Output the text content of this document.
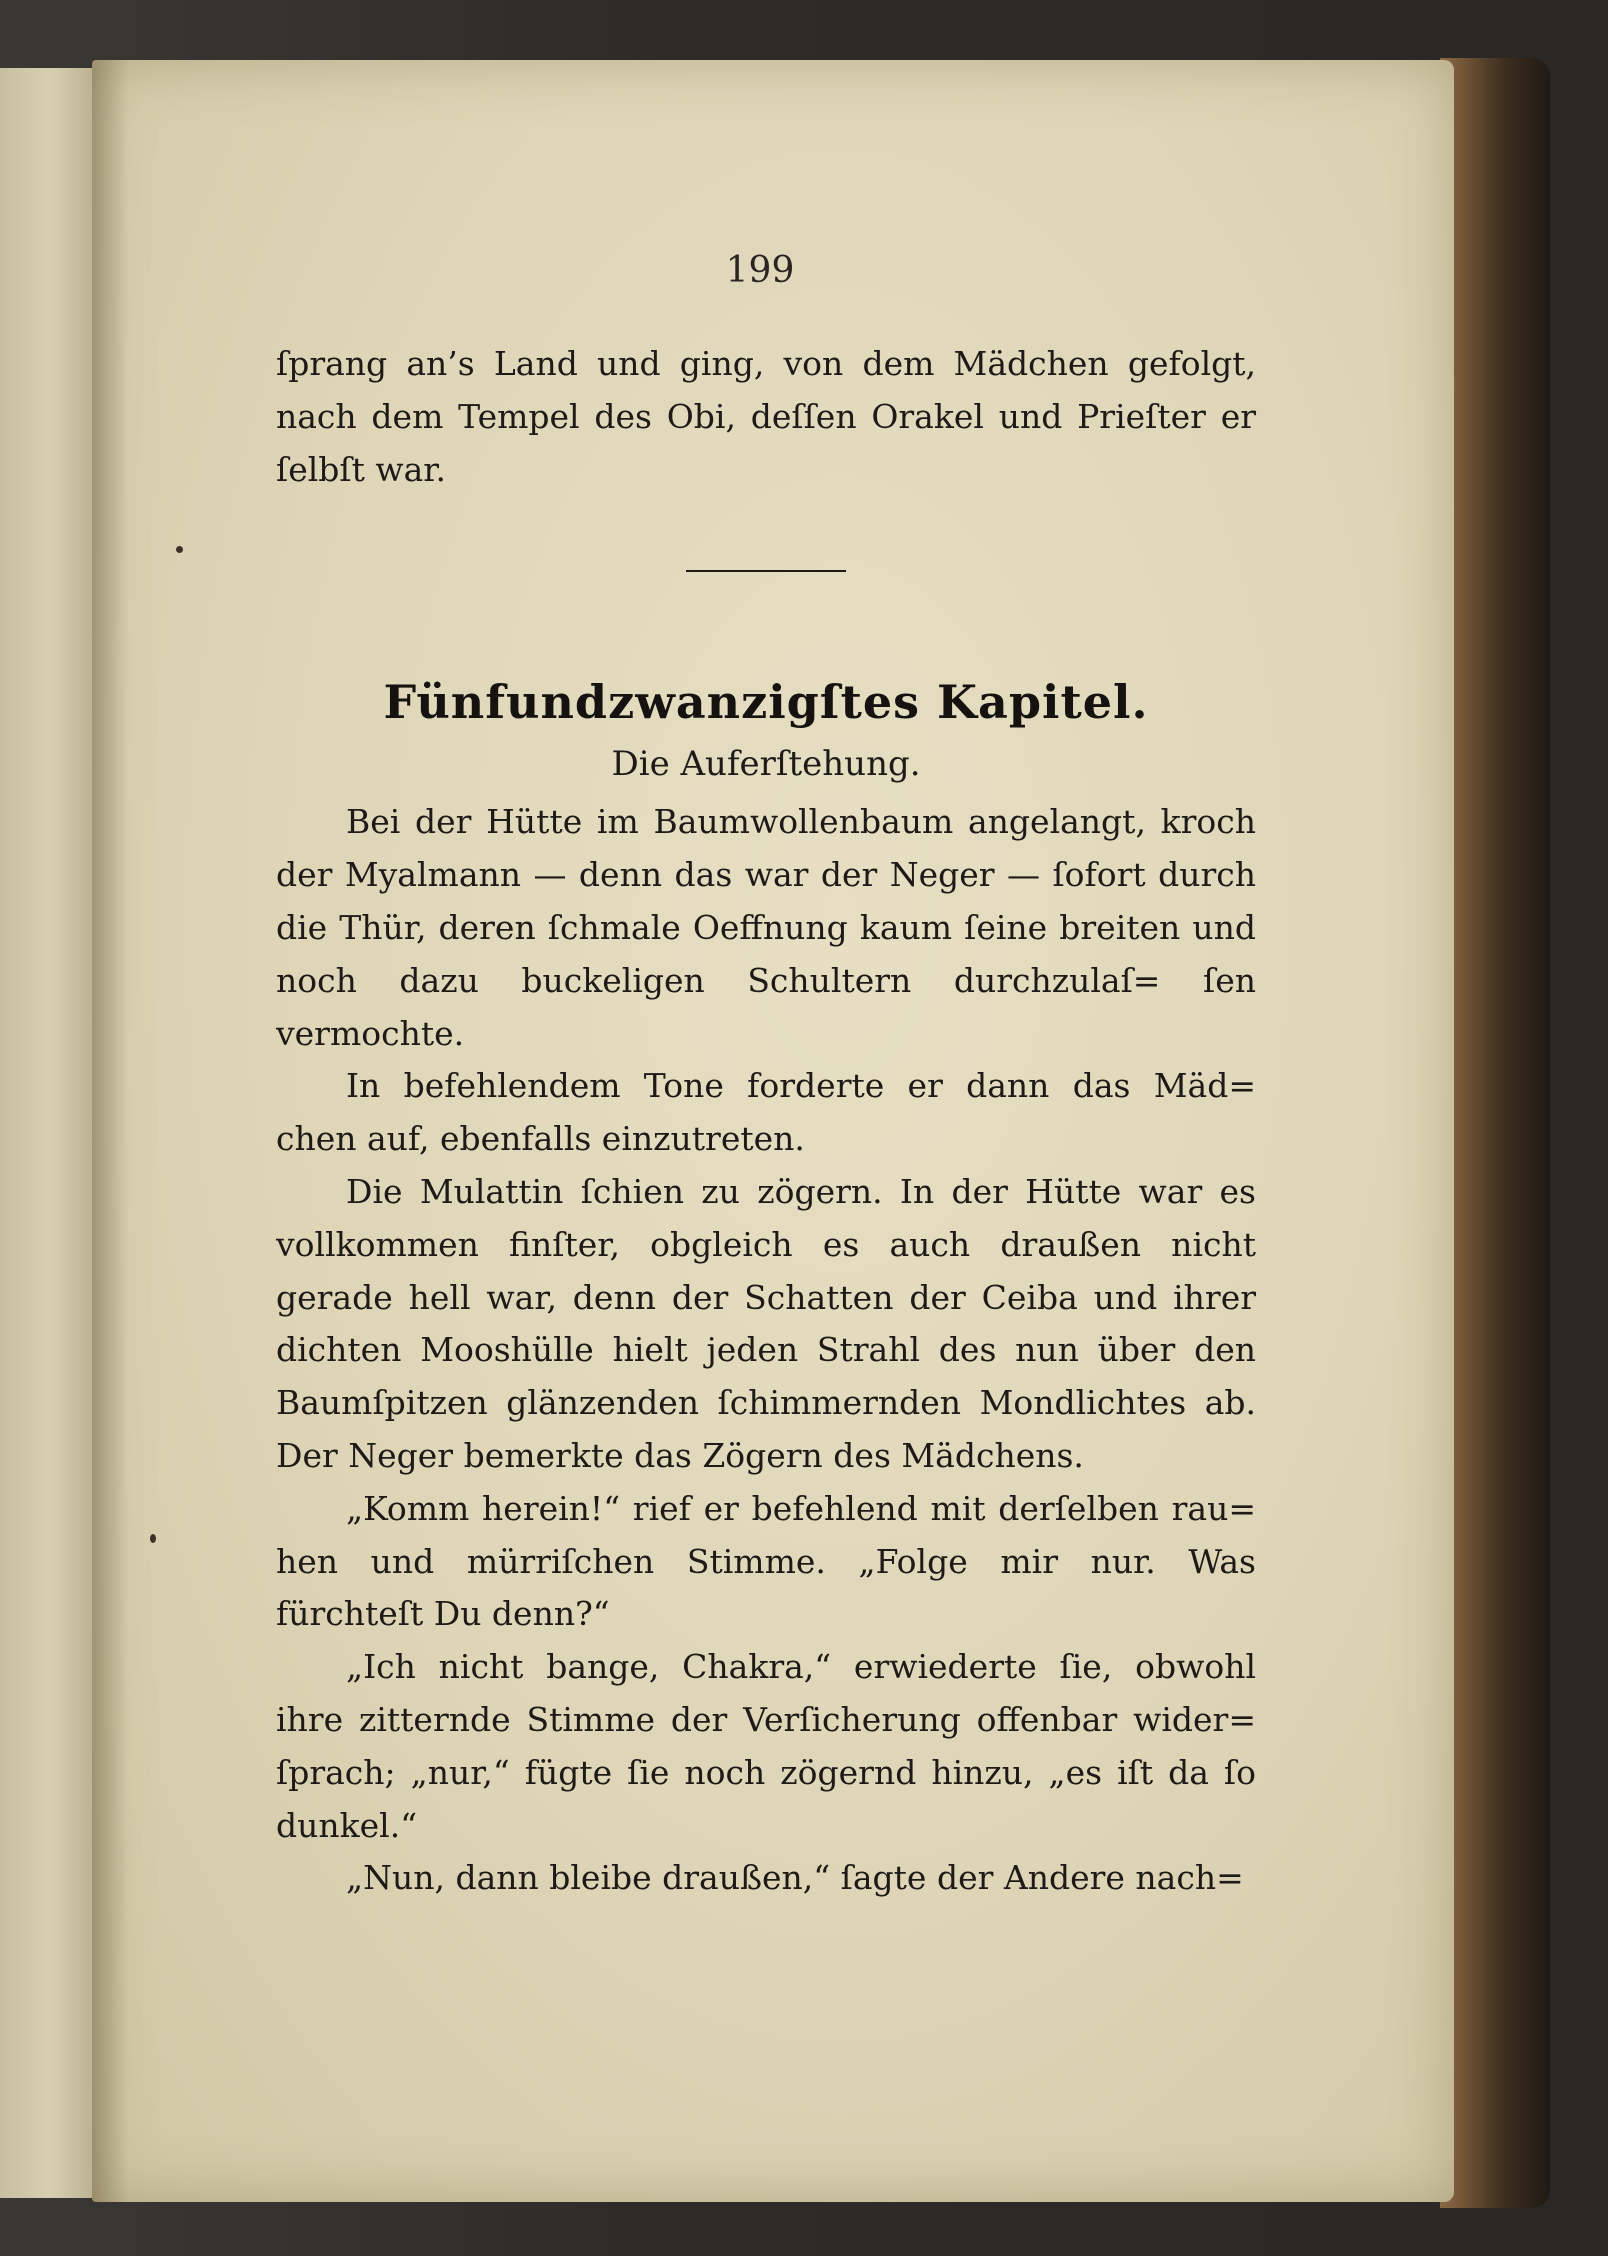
199

ſprang an’s Land und ging, von dem Mädchen gefolgt, nach dem Tempel des Obi, deſſen Orakel und Prieſter er ſelbſt war.

Fünfundzwanzigſtes Kapitel.
Die Auferſtehung.

Bei der Hütte im Baumwollenbaum angelangt, kroch der Myalmann — denn das war der Neger — ſofort durch die Thür, deren ſchmale Oeffnung kaum ſeine breiten und noch dazu buckeligen Schultern durchzulaſ= ſen vermochte.

In befehlendem Tone forderte er dann das Mäd= chen auf, ebenfalls einzutreten.

Die Mulattin ſchien zu zögern. In der Hütte war es vollkommen finſter, obgleich es auch draußen nicht gerade hell war, denn der Schatten der Ceiba und ihrer dichten Mooshülle hielt jeden Strahl des nun über den Baumſpitzen glänzenden ſchimmernden Mondlichtes ab. Der Neger bemerkte das Zögern des Mädchens.

„Komm herein!“ rief er befehlend mit derſelben rau= hen und mürriſchen Stimme. „Folge mir nur. Was fürchteſt Du denn?“

„Ich nicht bange, Chakra,“ erwiederte ſie, obwohl ihre zitternde Stimme der Verſicherung offenbar wider= ſprach; „nur,“ fügte ſie noch zögernd hinzu, „es iſt da ſo dunkel.“

„Nun, dann bleibe draußen,“ ſagte der Andere nach=
